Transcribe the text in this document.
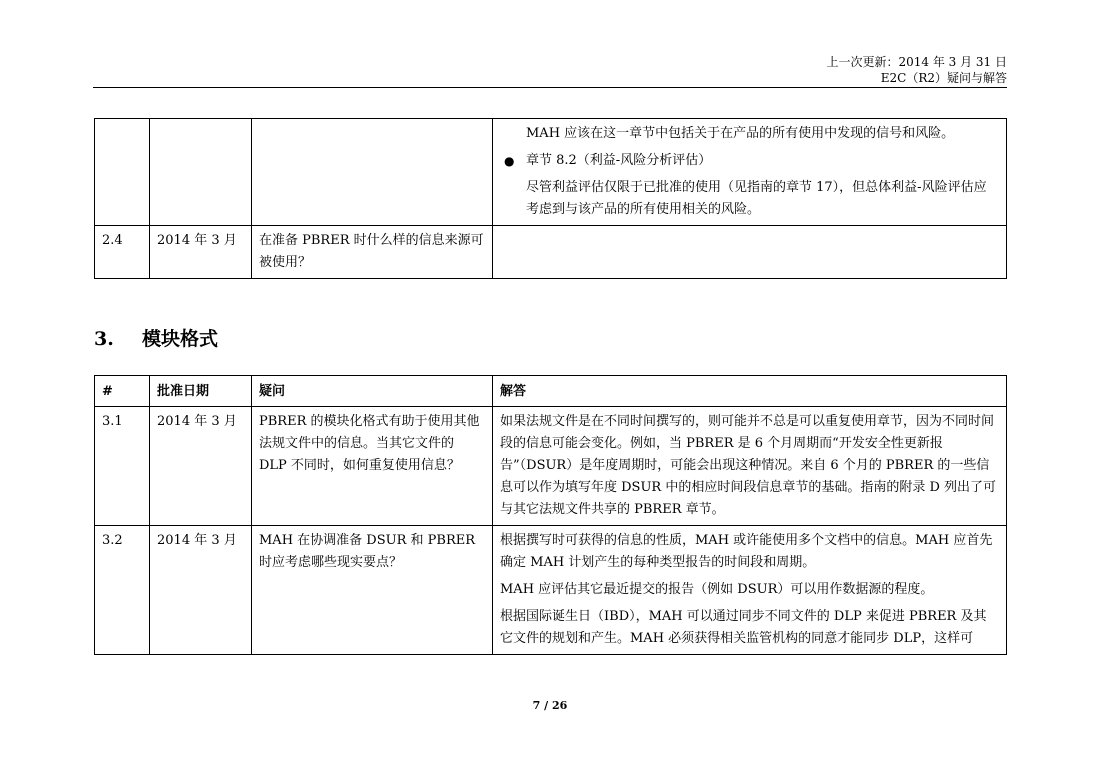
上一次更新：2014 年 3 月 31 日
E2C（R2）疑问与解答

			MAH 应该在这一章节中包括关于在产品的所有使用中发现的信号和风险。

● 章节 8.2（利益-风险分析评估）

尽管利益评估仅限于已批准的使用（见指南的章节 17），但总体利益-风险评估应考虑到与该产品的所有使用相关的风险。

2.4	2014 年 3 月	在准备 PBRER 时什么样的信息来源可被使用？	
3. 模块格式
#	批准日期	疑问	解答
3.1	2014 年 3 月	PBRER 的模块化格式有助于使用其他法规文件中的信息。当其它文件的 DLP 不同时，如何重复使用信息？	如果法规文件是在不同时间撰写的，则可能并不总是可以重复使用章节，因为不同时间段的信息可能会变化。例如，当 PBRER 是 6 个月周期而“开发安全性更新报告”（DSUR）是年度周期时，可能会出现这种情况。来自 6 个月的 PBRER 的一些信息可以作为填写年度 DSUR 中的相应时间段信息章节的基础。指南的附录 D 列出了可与其它法规文件共享的 PBRER 章节。

3.2	2014 年 3 月	MAH 在协调准备 DSUR 和 PBRER 时应考虑哪些现实要点？	根据撰写时可获得的信息的性质，MAH 或许能使用多个文档中的信息。MAH 应首先确定 MAH 计划产生的每种类型报告的时间段和周期。

MAH 应评估其它最近提交的报告（例如 DSUR）可以用作数据源的程度。

根据国际诞生日（IBD），MAH 可以通过同步不同文件的 DLP 来促进 PBRER 及其它文件的规划和产生。MAH 必须获得相关监管机构的同意才能同步 DLP，这样可

7 / 26
